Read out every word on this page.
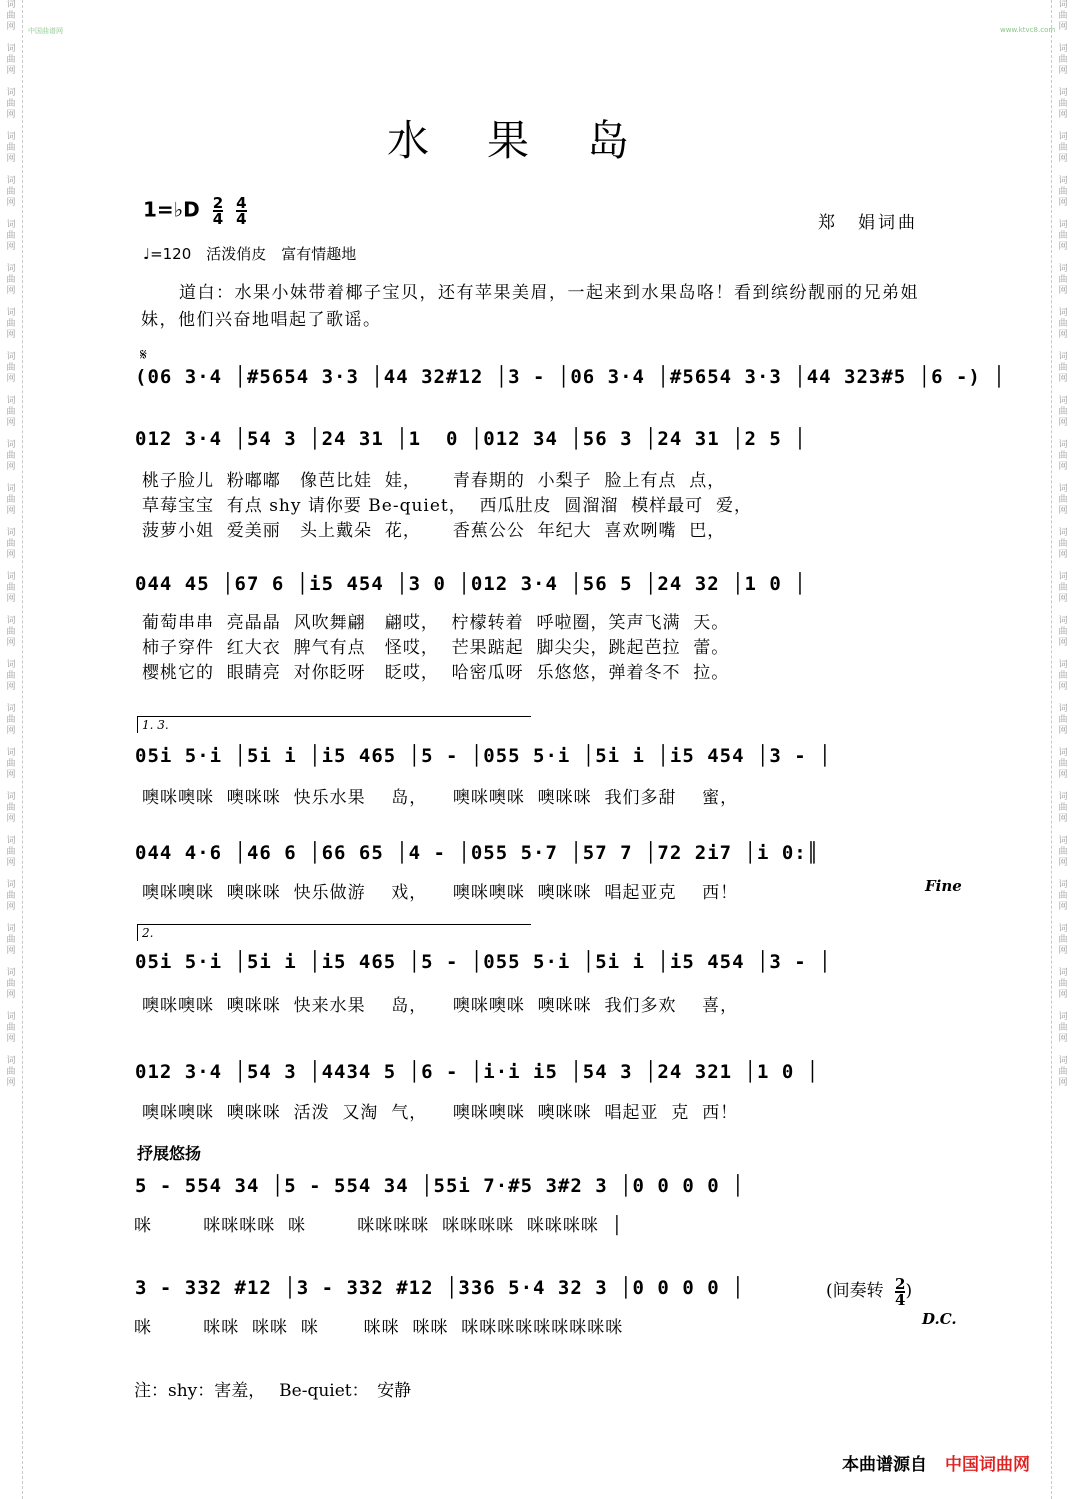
词
曲
网

词
曲
网

词
曲
网

词
曲
网

词
曲
网

词
曲
网

词
曲
网

词
曲
网

词
曲
网

词
曲
网

词
曲
网

词
曲
网

词
曲
网

词
曲
网

词
曲
网

词
曲
网

词
曲
网

词
曲
网

词
曲
网

词
曲
网

词
曲
网

词
曲
网

词
曲
网

词
曲
网

词
曲
网
词
曲
网

词
曲
网

词
曲
网

词
曲
网

词
曲
网

词
曲
网

词
曲
网

词
曲
网

词
曲
网

词
曲
网

词
曲
网

词
曲
网

词
曲
网

词
曲
网

词
曲
网

词
曲
网

词
曲
网

词
曲
网

词
曲
网

词
曲
网

词
曲
网

词
曲
网

词
曲
网

词
曲
网

词
曲
网
中国曲谱网	www.ktvc8.com
水果岛
1=♭D $\frac{2}{4}$
$\frac{4}{4}$	郑　娟词曲
♩=120　活泼俏皮　富有情趣地
道白：水果小妹带着椰子宝贝，还有苹果美眉，一起来到水果岛咯！看到缤纷靓丽的兄弟姐妹，他们兴奋地唱起了歌谣。
𝄋
(06 3·4 │#5654 3·3 │44 32#12 │3 - │06 3·4 │#5654 3·3 │44 323#5 │6 -) │
012 3·4 │54 3 │24 31 │1  0 │012 34 │56 3 │24 31 │2 5 │
桃子脸儿  粉嘟嘟   像芭比娃  娃，     青春期的  小梨子  脸上有点  点，
草莓宝宝  有点 shy 请你要 Be-quiet，  西瓜肚皮  圆溜溜  模样最可  爱，
菠萝小姐  爱美丽   头上戴朵  花，     香蕉公公  年纪大  喜欢咧嘴  巴，
044 45 │67 6 │i5 454 │3 0 │012 3·4 │56 5 │24 32 │1 0 │
葡萄串串  亮晶晶  风吹舞翩   翩哎，  柠檬转着  呼啦圈，笑声飞满  天。
柿子穿件  红大衣  脾气有点   怪哎，  芒果踮起  脚尖尖，跳起芭拉  蕾。
樱桃它的  眼睛亮  对你眨呀   眨哎，  哈密瓜呀  乐悠悠，弹着冬不  拉。
1. 3.
05i 5·i │5i i │i5 465 │5 - │055 5·i │5i i │i5 454 │3 - │
噢咪噢咪  噢咪咪  快乐水果    岛，    噢咪噢咪  噢咪咪  我们多甜    蜜，
044 4·6 │46 6 │66 65 │4 - │055 5·7 │57 7 │72 2i7 │i 0:║
噢咪噢咪  噢咪咪  快乐做游    戏，    噢咪噢咪  噢咪咪  唱起亚克    西！	Fine
2.
05i 5·i │5i i │i5 465 │5 - │055 5·i │5i i │i5 454 │3 - │
噢咪噢咪  噢咪咪  快来水果    岛，    噢咪噢咪  噢咪咪  我们多欢    喜，
012 3·4 │54 3 │4434 5 │6 - │i·i i5 │54 3 │24 321 │1 0 │
噢咪噢咪  噢咪咪  活泼  又淘  气，    噢咪噢咪  噢咪咪  唱起亚  克  西！
抒展悠扬
5 - 554 34 │5 - 554 34 │55i 7·#5 3#2 3 │0 0 0 0 │
咪        咪咪咪咪  咪        咪咪咪咪  咪咪咪咪  咪咪咪咪  │
3 - 332 #12 │3 - 332 #12 │336 5·4 32 3 │0 0 0 0 │
咪        咪咪  咪咪  咪       咪咪  咪咪  咪咪咪咪咪咪咪咪咪
(间奏转 $\frac{2}{4}$ )
D.C.
注：shy：害羞，　 Be-quiet：　安静
本曲谱源自 中国词曲网
